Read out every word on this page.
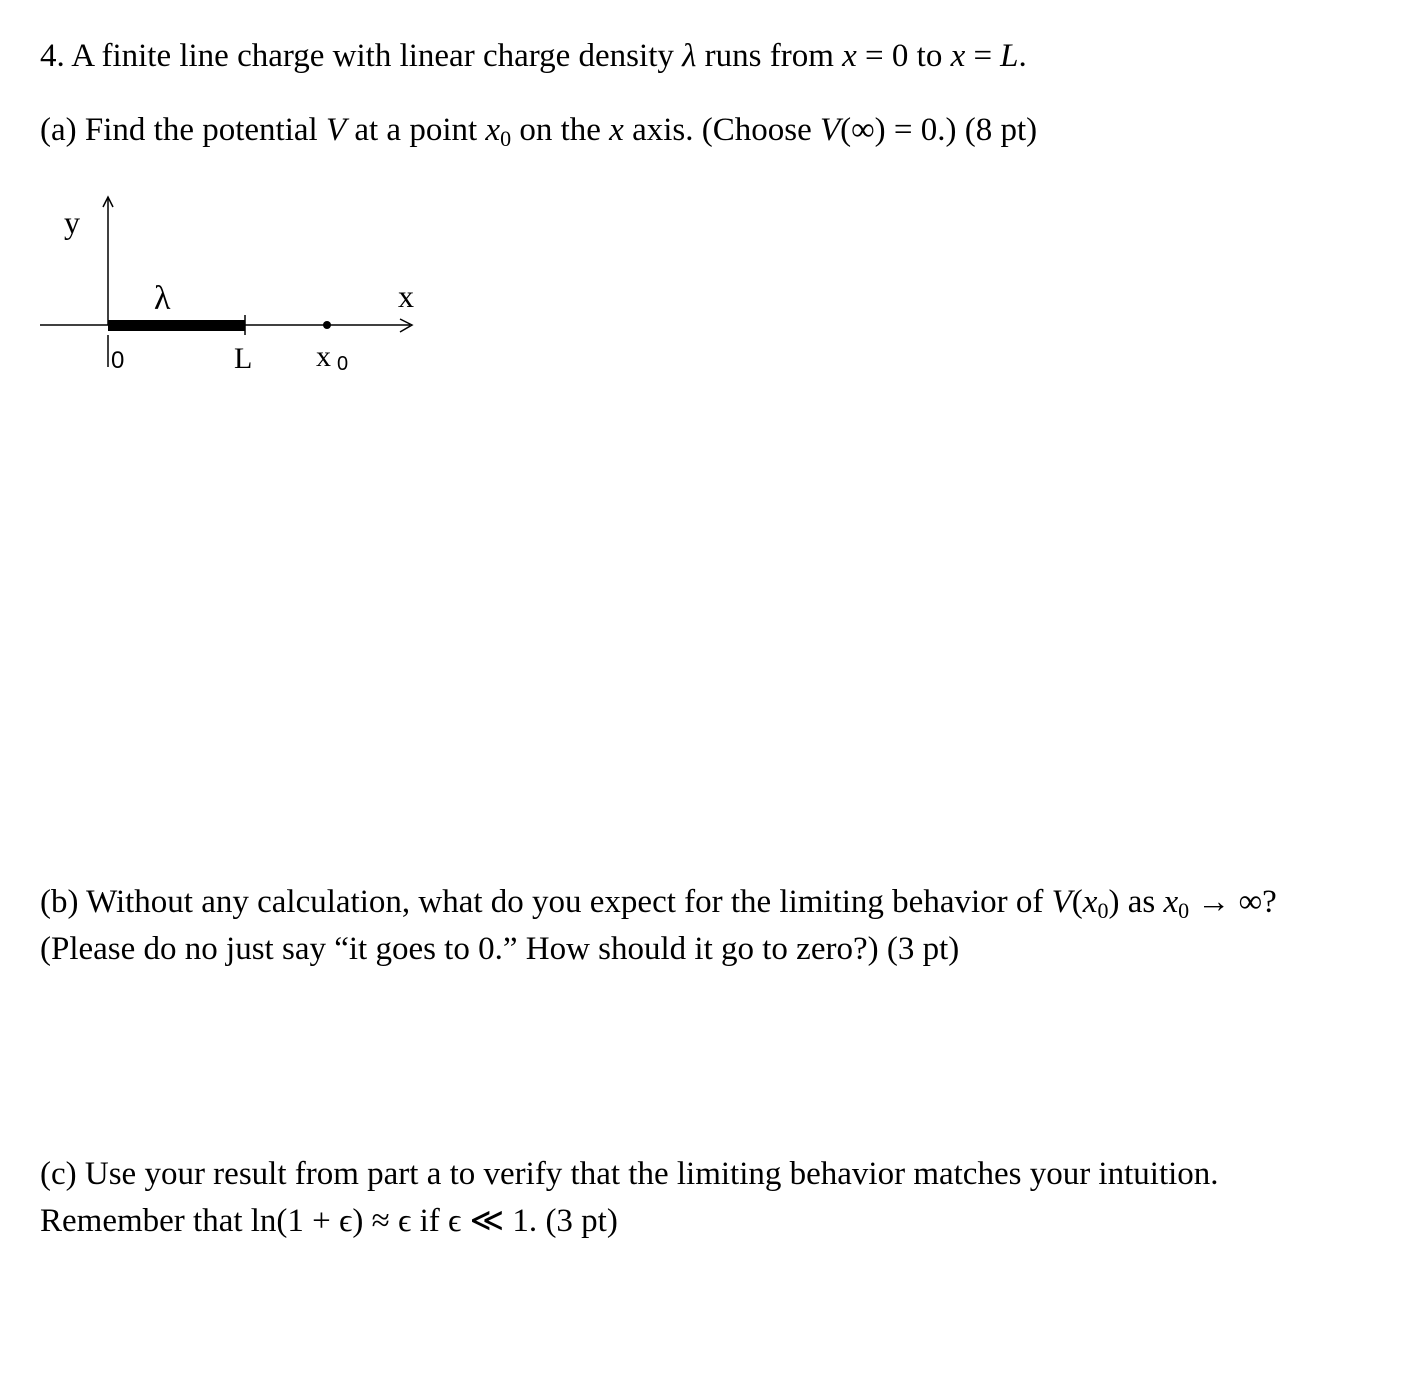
4. A finite line charge with linear charge density λ runs from x = 0 to x = L.
(a) Find the potential V at a point $x_0$ on the x axis. (Choose V(∞) = 0.) (8 pt)
y
x
λ
0	L x 0
(b) Without any calculation, what do you expect for the limiting behavior of $V(x_0)$ as $x_0$ → ∞?
(Please do no just say “it goes to 0.” How should it go to zero?) (3 pt)
(c) Use your result from part a to verify that the limiting behavior matches your intuition.
Remember that ln(1 + ϵ) ≈ ϵ if ϵ ≪ 1. (3 pt)
